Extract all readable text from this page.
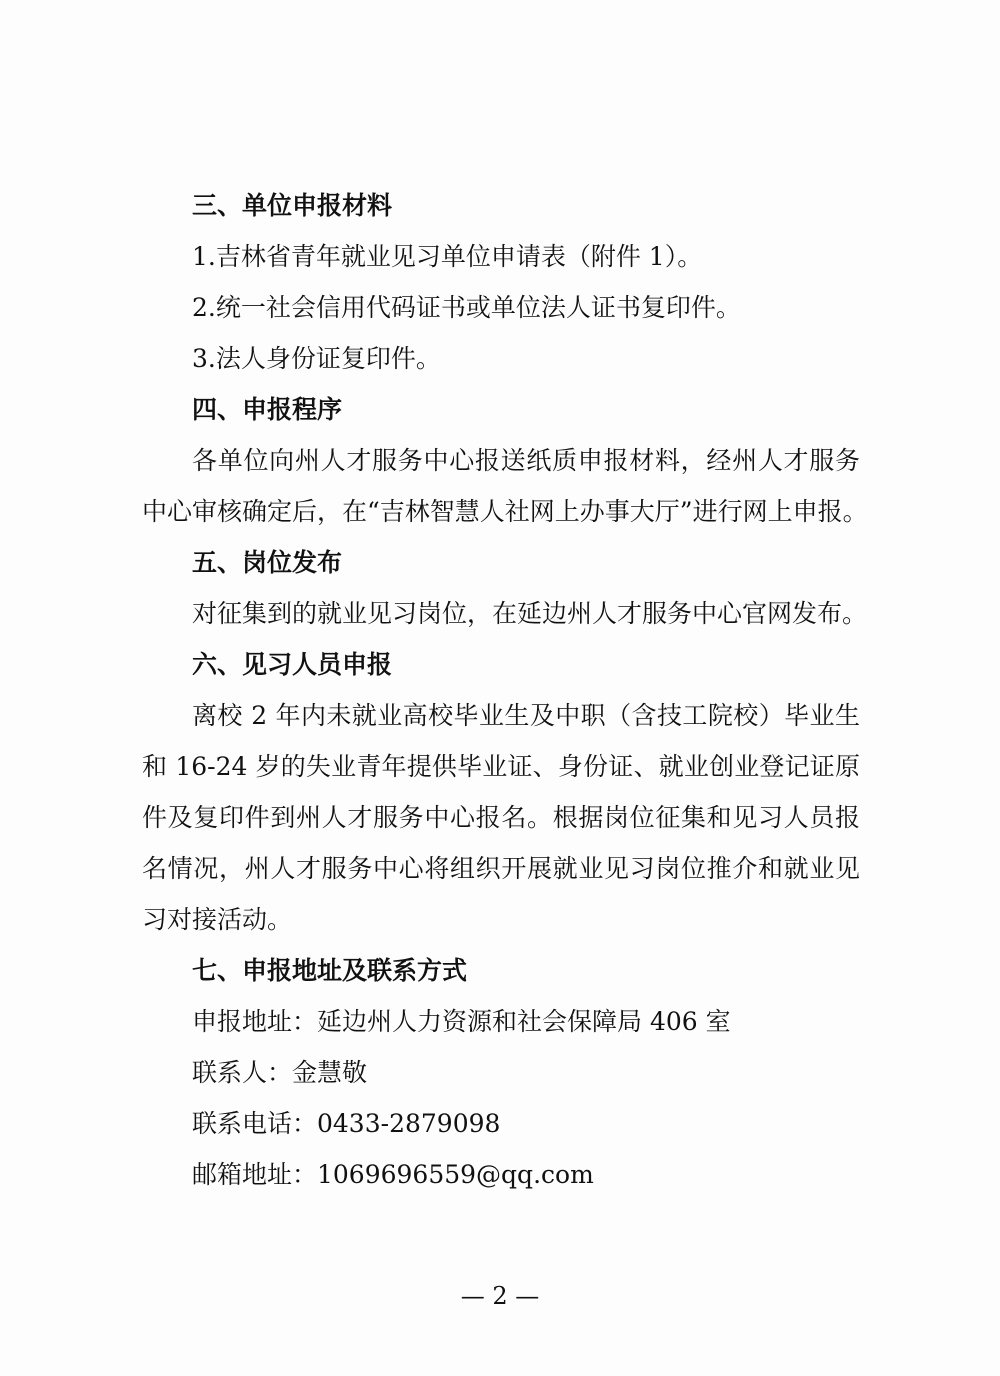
三、单位申报材料
1.吉林省青年就业见习单位申请表（附件 1）。
2.统一社会信用代码证书或单位法人证书复印件。
3.法人身份证复印件。
四、申报程序
各单位向州人才服务中心报送纸质申报材料，经州人才服务
中心审核确定后，在“吉林智慧人社网上办事大厅”进行网上申报。
五、岗位发布
对征集到的就业见习岗位，在延边州人才服务中心官网发布。
六、见习人员申报
离校 2 年内未就业高校毕业生及中职（含技工院校）毕业生
和 16-24 岁的失业青年提供毕业证、身份证、就业创业登记证原
件及复印件到州人才服务中心报名。根据岗位征集和见习人员报
名情况，州人才服务中心将组织开展就业见习岗位推介和就业见
习对接活动。
七、申报地址及联系方式
申报地址：延边州人力资源和社会保障局 406 室
联系人：金慧敬
联系电话：0433-2879098
邮箱地址：1069696559@qq.com
— 2 —
